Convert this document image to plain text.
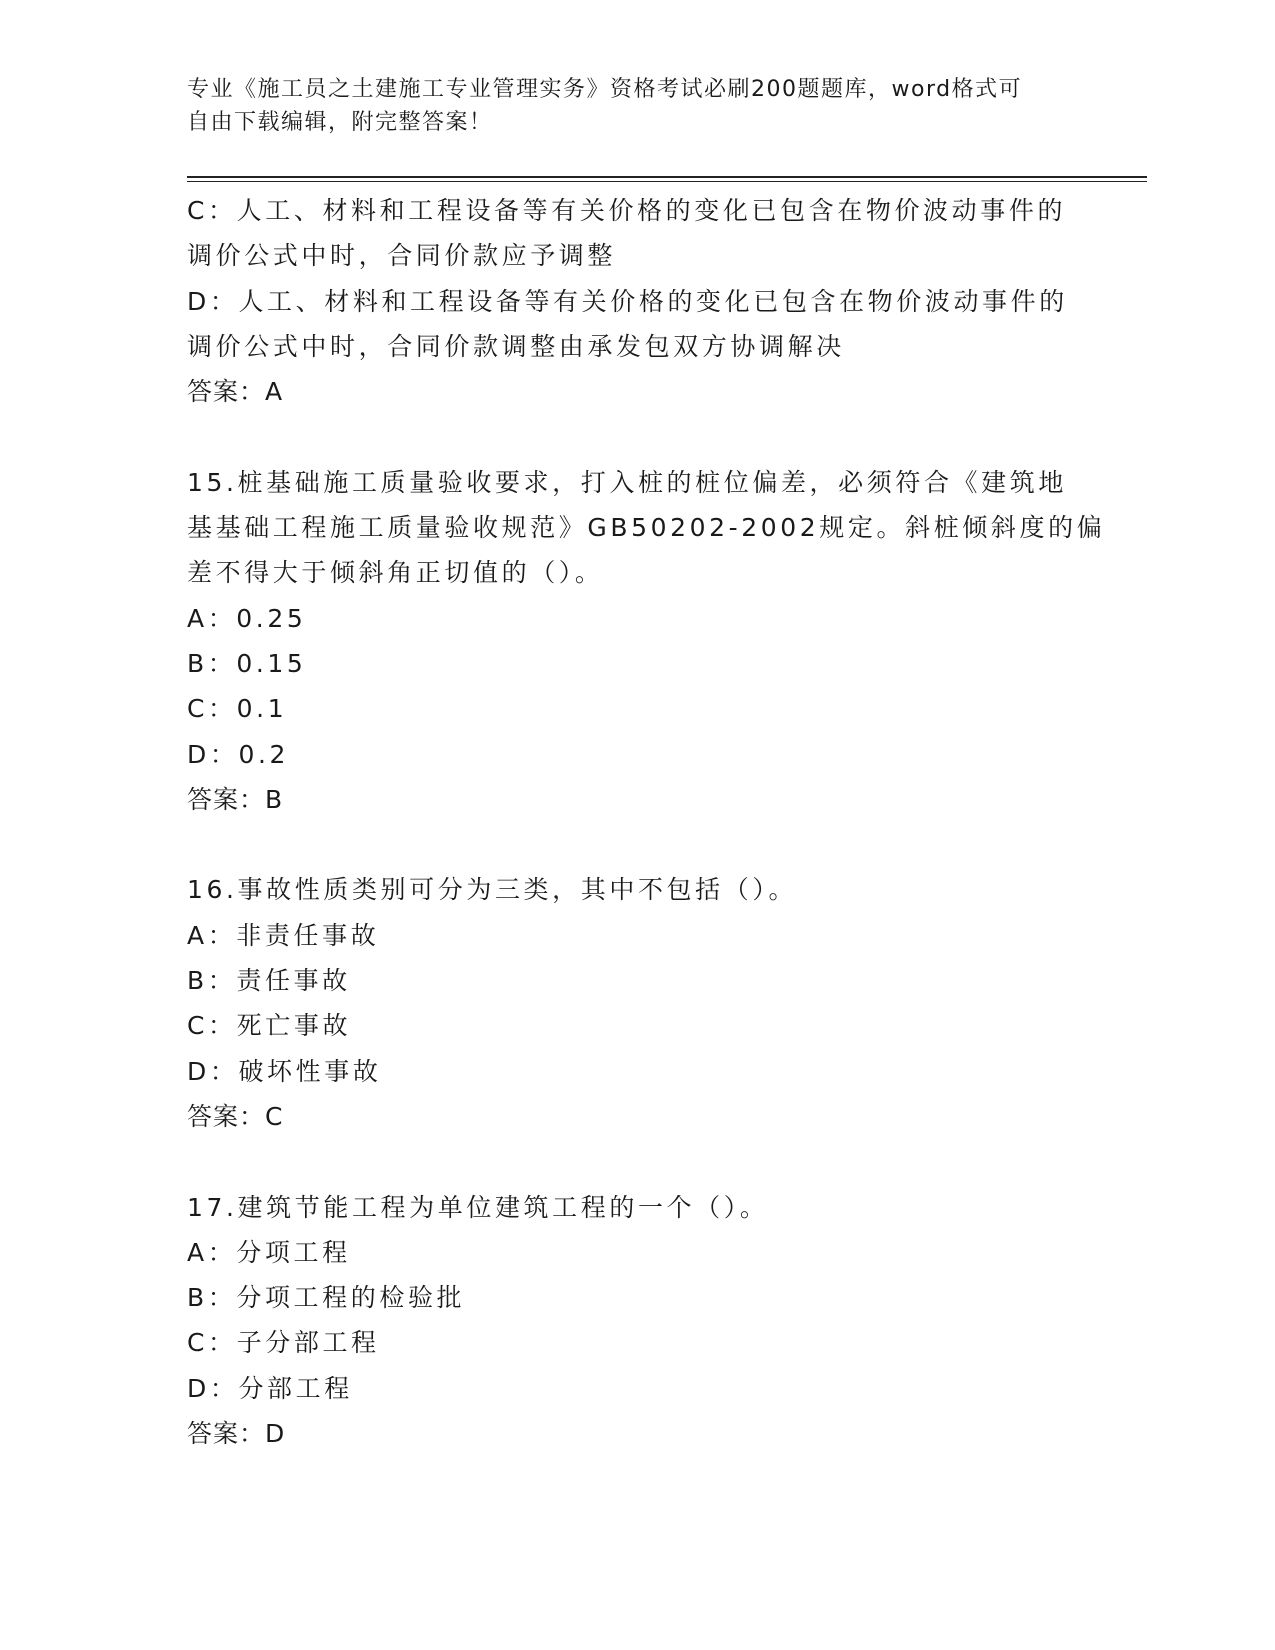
专业《施工员之土建施工专业管理实务》资格考试必刷200题题库，word格式可
自由下载编辑，附完整答案！
C：人工、材料和工程设备等有关价格的变化已包含在物价波动事件的
调价公式中时，合同价款应予调整
D：人工、材料和工程设备等有关价格的变化已包含在物价波动事件的
调价公式中时，合同价款调整由承发包双方协调解决
答案：A
15.桩基础施工质量验收要求，打入桩的桩位偏差，必须符合《建筑地
基基础工程施工质量验收规范》GB50202-2002规定。斜桩倾斜度的偏
差不得大于倾斜角正切值的（）。
A：0.25
B：0.15
C：0.1
D：0.2
答案：B
16.事故性质类别可分为三类，其中不包括（）。
A：非责任事故
B：责任事故
C：死亡事故
D：破坏性事故
答案：C
17.建筑节能工程为单位建筑工程的一个（）。
A：分项工程
B：分项工程的检验批
C：子分部工程
D：分部工程
答案：D
